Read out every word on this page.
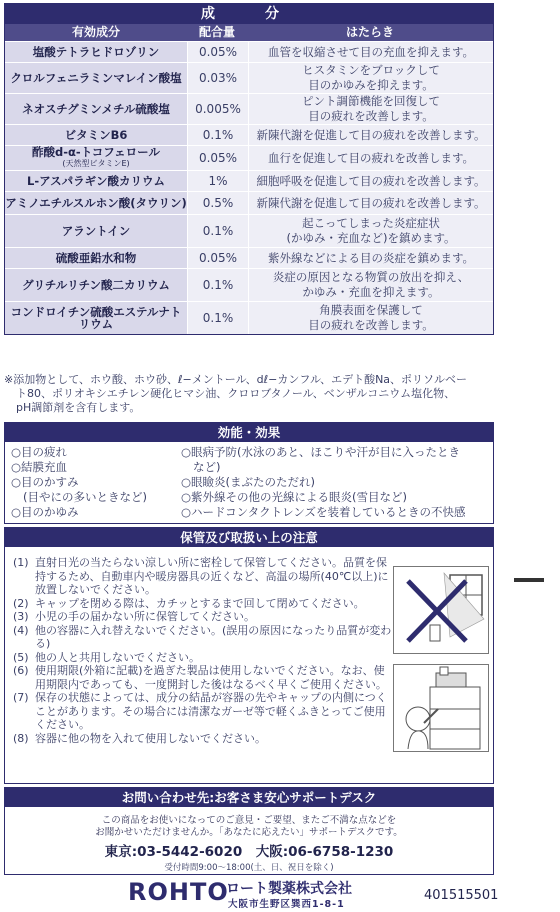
成　分
有効成分	配合量	はたらき
塩酸テトラヒドロゾリン	0.05%	血管を収縮させて目の充血を抑えます。
クロルフェニラミンマレイン酸塩	0.03%
ヒスタミンをブロックして
目のかゆみを抑えます。
ネオスチグミンメチル硫酸塩	0.005%
ピント調節機能を回復して
目の疲れを改善します。
ビタミンB6	0.1%	新陳代謝を促進して目の疲れを改善します。
酢酸d-α-トコフェロール
(天然型ビタミンE)	0.05%	血行を促進して目の疲れを改善します。
L-アスパラギン酸カリウム	1%	細胞呼吸を促進して目の疲れを改善します。
アミノエチルスルホン酸(タウリン)	0.5%	新陳代謝を促進して目の疲れを改善します。
アラントイン	0.1%
起こってしまった炎症症状
(かゆみ・充血など)を鎮めます。
硫酸亜鉛水和物	0.05%	紫外線などによる目の炎症を鎮めます。
グリチルリチン酸二カリウム	0.1%
炎症の原因となる物質の放出を抑え、
かゆみ・充血を抑えます。
コンドロイチン硫酸エステルナトリウム	0.1%
角膜表面を保護して
目の疲れを改善します。
※添加物として、ホウ酸、ホウ砂、ℓ−メントール、dℓ−カンフル、エデト酸Na、ポリソルベー
ト80、ポリオキシエチレン硬化ヒマシ油、クロロブタノール、ベンザルコニウム塩化物、
pH調節剤を含有します。
効能・効果
○目の疲れ
○結膜充血
○目のかすみ
(目やにの多いときなど)
○目のかゆみ
○眼病予防(水泳のあと、ほこりや汗が目に入ったとき
など)
○眼瞼炎(まぶたのただれ)
○紫外線その他の光線による眼炎(雪目など)
○ハードコンタクトレンズを装着しているときの不快感
保管及び取扱い上の注意
(1) 直射日光の当たらない涼しい所に密栓して保管してください。品質を保持するため、自動車内や暖房器具の近くなど、高温の場所(40℃以上)に放置しないでください。
(2) キャップを閉める際は、カチッとするまで回して閉めてください。
(3) 小児の手の届かない所に保管してください。
(4) 他の容器に入れ替えないでください。(誤用の原因になったり品質が変わる)
(5) 他の人と共用しないでください。
(6) 使用期限(外箱に記載)を過ぎた製品は使用しないでください。なお、使用期限内であっても、一度開封した後はなるべく早くご使用ください。
(7) 保存の状態によっては、成分の結晶が容器の先やキャップの内側につくことがあります。その場合には清潔なガーゼ等で軽くふきとってご使用ください。
(8) 容器に他の物を入れて使用しないでください。
お問い合わせ先:お客さま安心サポートデスク
この商品をお使いになってのご意見・ご要望、またご不満な点などを
お聞かせいただけませんか。「あなたに応えたい」サポートデスクです。
東京:03-5442-6020　大阪:06-6758-1230
受付時間9:00〜18:00(土、日、祝日を除く)
ROHTO
ロート製薬株式会社
大阪市生野区巽西1-8-1
401515501
